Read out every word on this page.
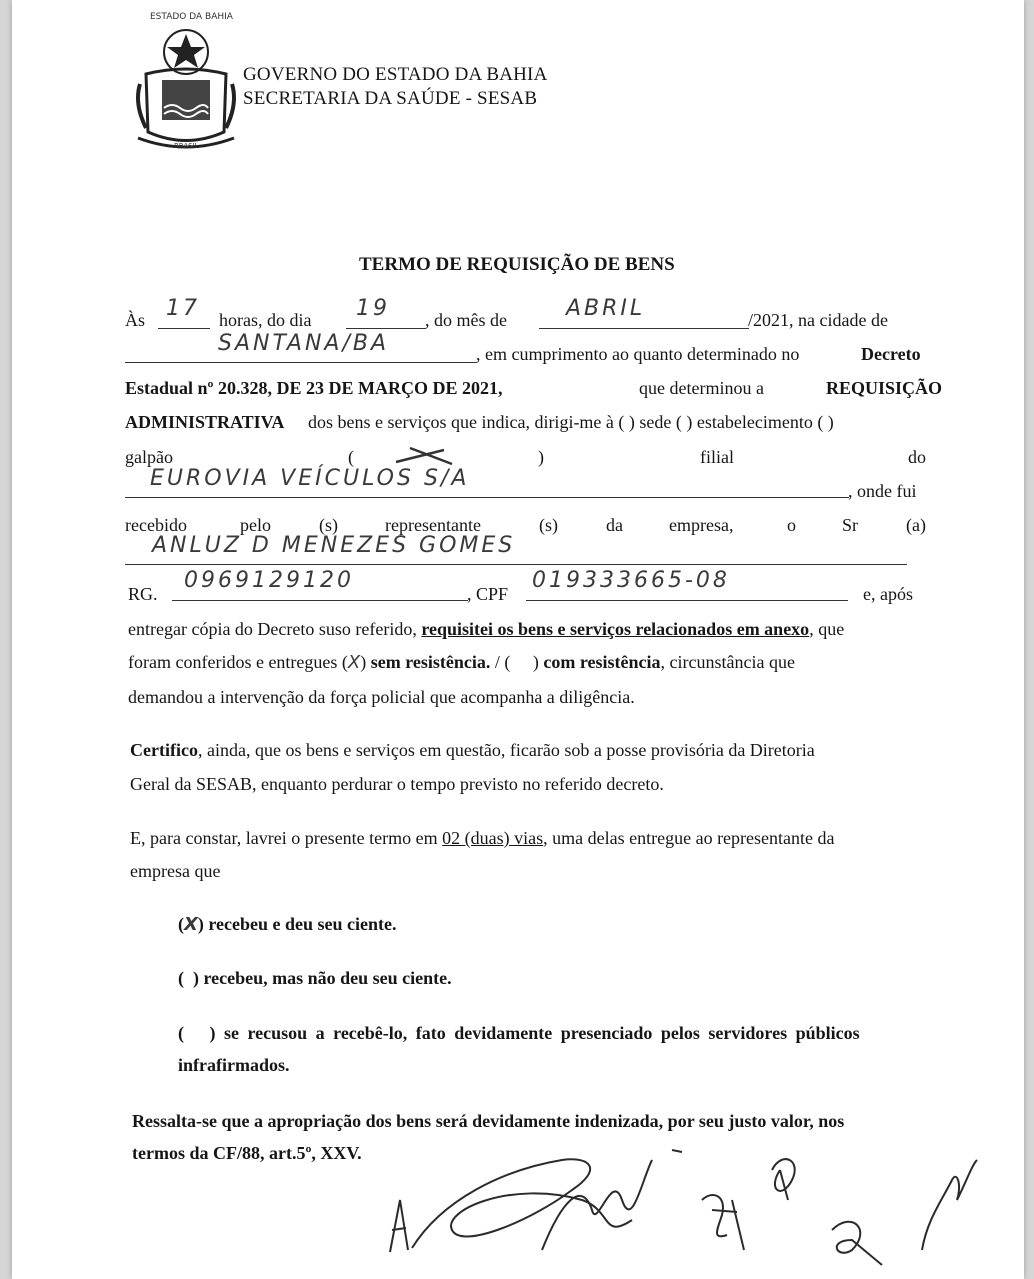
ESTADO DA BAHIA
BRASIL
GOVERNO DO ESTADO DA BAHIA
SECRETARIA DA SAÚDE - SESAB
TERMO DE REQUISIÇÃO DE BENS
Às 17 horas, do dia 19 , do mês de	ABRIL	/2021, na cidade de
SANTANA/BA	, em cumprimento ao quanto determinado no	Decreto
Estadual nº 20.328, DE 23 DE MARÇO DE 2021,	que determinou a	REQUISIÇÃO
ADMINISTRATIVA dos bens e serviços que indica, dirigi-me à ( ) sede ( ) estabelecimento ( )
galpão	(	)	filial	do
EUROVIA VEÍCULOS S/A	, onde fui
recebido	pelo	(s)	representante	(s)	da	empresa,	o	Sr	(a)
ANLUZ D MENEZES GOMES
RG.
0969129120
, CPF
019333665-08
e, após
entregar cópia do Decreto suso referido, requisitei os bens e serviços relacionados em anexo, que
foram conferidos e entregues (X) sem resistência. / (     ) com resistência, circunstância que
demandou a intervenção da força policial que acompanha a diligência.
Certifico, ainda, que os bens e serviços em questão, ficarão sob a posse provisória da Diretoria
Geral da SESAB, enquanto perdurar o tempo previsto no referido decreto.
E, para constar, lavrei o presente termo em 02 (duas) vias, uma delas entregue ao representante da
empresa que
(X) recebeu e deu seu ciente.
(  ) recebeu, mas não deu seu ciente.
(   ) se recusou a recebê-lo, fato devidamente presenciado pelos servidores públicos
infrafirmados.
Ressalta-se que a apropriação dos bens será devidamente indenizada, por seu justo valor, nos
termos da CF/88, art.5º, XXV.
